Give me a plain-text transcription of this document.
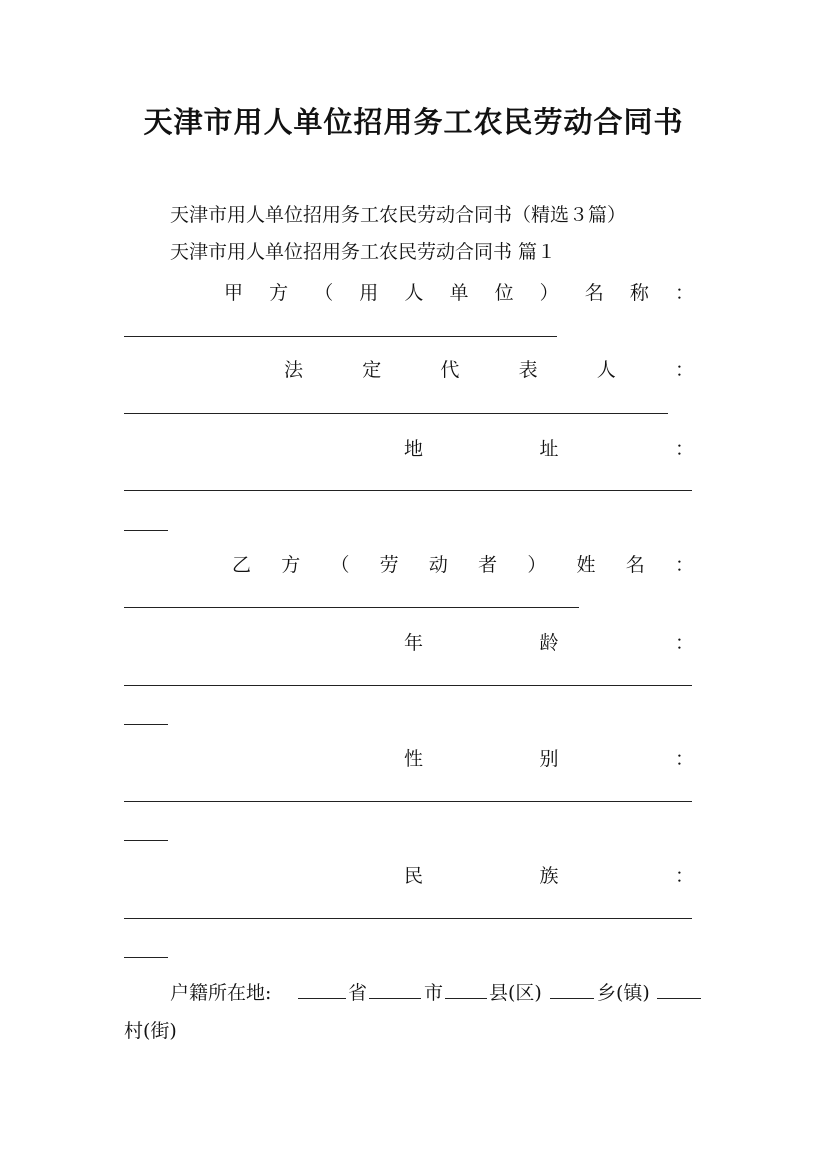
天津市用人单位招用务工农民劳动合同书
天津市用人单位招用务工农民劳动合同书（精选３篇）
天津市用人单位招用务工农民劳动合同书 篇１
甲 方 （ 用 人 单 位 ） 名 称 ：
法	定	代	表	人	：
地	址	：
乙 方 （ 劳 动 者 ） 姓 名 ：
年	龄	：
性	别	：
民	族	：
户籍所在地:	省	市 县(区)	乡(镇)
村(街)
